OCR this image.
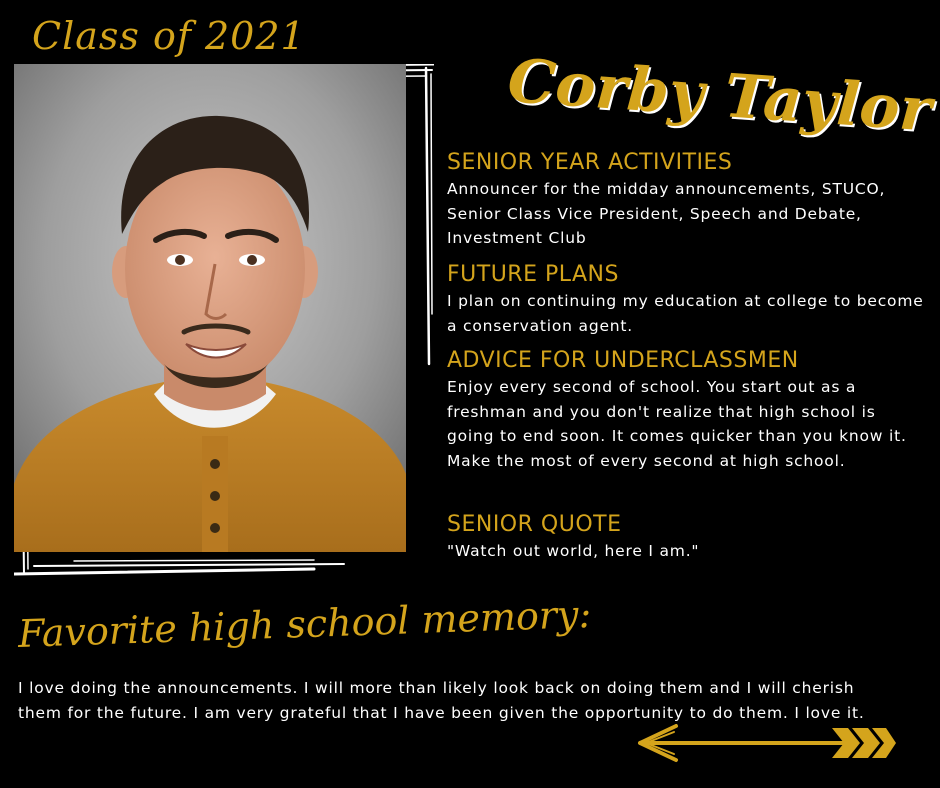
Class of 2021
Corby Taylor
SENIOR YEAR ACTIVITIES

Announcer for the midday announcements, STUCO, Senior Class Vice President, Speech and Debate, Investment Club

FUTURE PLANS

I plan on continuing my education at college to become a conservation agent.

ADVICE FOR UNDERCLASSMEN

Enjoy every second of school. You start out as a freshman and you don't realize that high school is going to end soon. It comes quicker than you know it. Make the most of every second at high school.

SENIOR QUOTE

"Watch out world, here I am."

Favorite high school memory:

I love doing the announcements. I will more than likely look back on doing them and I will cherish them for the future. I am very grateful that I have been given the opportunity to do them. I love it.
